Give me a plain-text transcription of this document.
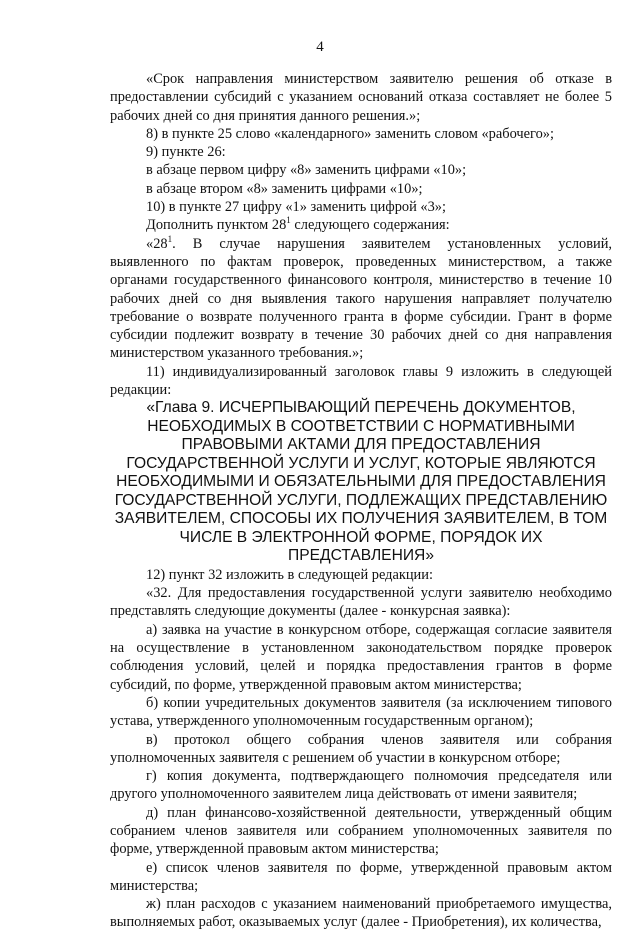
4

«Срок направления министерством заявителю решения об отказе в предоставлении субсидий с указанием оснований отказа составляет не более 5 рабочих дней со дня принятия данного решения.»;

8) в пункте 25 слово «календарного» заменить словом «рабочего»;

9) пункте 26:

в абзаце первом цифру «8» заменить цифрами «10»;

в абзаце втором «8» заменить цифрами «10»;

10) в пункте 27 цифру «1» заменить цифрой «3»;

Дополнить пунктом $28^1$ следующего содержания:

«$28^1$. В случае нарушения заявителем установленных условий, выявленного по фактам проверок, проведенных министерством, а также органами государственного финансового контроля, министерство в течение 10 рабочих дней со дня выявления такого нарушения направляет получателю требование о возврате полученного гранта в форме субсидии. Грант в форме субсидии подлежит возврату в течение 30 рабочих дней со дня направления министерством указанного требования.»;

11) индивидуализированный заголовок главы 9 изложить в следующей редакции:

«Глава 9. ИСЧЕРПЫВАЮЩИЙ ПЕРЕЧЕНЬ ДОКУМЕНТОВ, НЕОБХОДИМЫХ В СООТВЕТСТВИИ С НОРМАТИВНЫМИ ПРАВОВЫМИ АКТАМИ ДЛЯ ПРЕДОСТАВЛЕНИЯ ГОСУДАРСТВЕННОЙ УСЛУГИ И УСЛУГ, КОТОРЫЕ ЯВЛЯЮТСЯ НЕОБХОДИМЫМИ И ОБЯЗАТЕЛЬНЫМИ ДЛЯ ПРЕДОСТАВЛЕНИЯ ГОСУДАРСТВЕННОЙ УСЛУГИ, ПОДЛЕЖАЩИХ ПРЕДСТАВЛЕНИЮ ЗАЯВИТЕЛЕМ, СПОСОБЫ ИХ ПОЛУЧЕНИЯ ЗАЯВИТЕЛЕМ, В ТОМ ЧИСЛЕ В ЭЛЕКТРОННОЙ ФОРМЕ, ПОРЯДОК ИХ ПРЕДСТАВЛЕНИЯ»

12) пункт 32 изложить в следующей редакции:

«32. Для предоставления государственной услуги заявителю необходимо представлять следующие документы (далее - конкурсная заявка):

а) заявка на участие в конкурсном отборе, содержащая согласие заявителя на осуществление в установленном законодательством порядке проверок соблюдения условий, целей и порядка предоставления грантов в форме субсидий, по форме, утвержденной правовым актом министерства;

б) копии учредительных документов заявителя (за исключением типового устава, утвержденного уполномоченным государственным органом);

в) протокол общего собрания членов заявителя или собрания уполномоченных заявителя с решением об участии в конкурсном отборе;

г) копия документа, подтверждающего полномочия председателя или другого уполномоченного заявителем лица действовать от имени заявителя;

д) план финансово-хозяйственной деятельности, утвержденный общим собранием членов заявителя или собранием уполномоченных заявителя по форме, утвержденной правовым актом министерства;

е) список членов заявителя по форме, утвержденной правовым актом министерства;

ж) план расходов с указанием наименований приобретаемого имущества, выполняемых работ, оказываемых услуг (далее - Приобретения), их количества,
